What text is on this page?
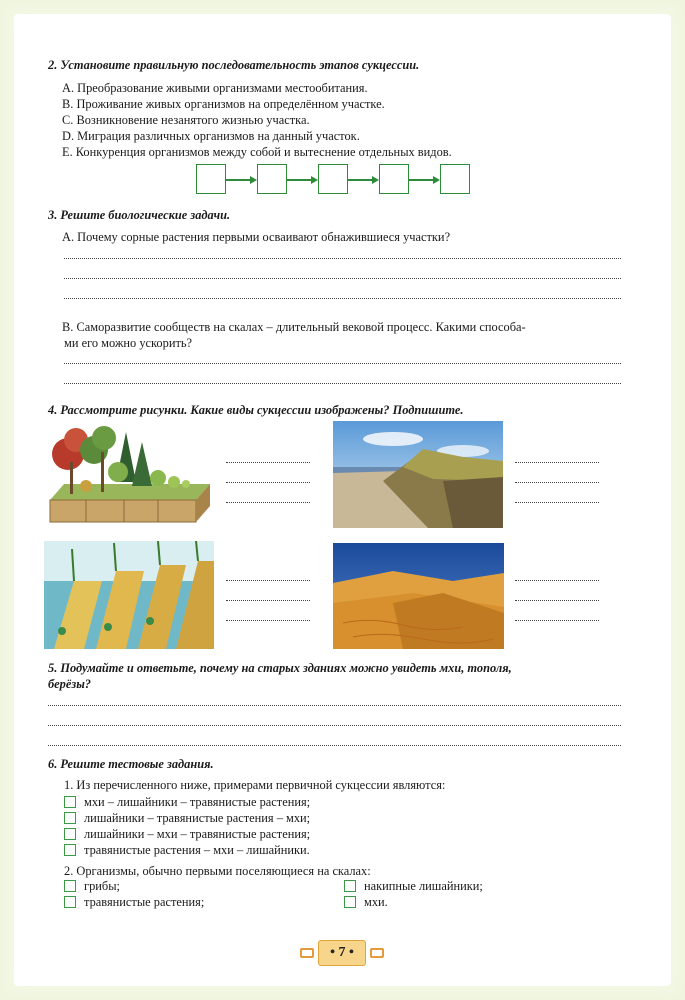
2. Установите правильную последовательность этапов сукцессии.
A. Преобразование живыми организмами местообитания.
B. Проживание живых организмов на определённом участке.
C. Возникновение незанятого жизнью участка.
D. Миграция различных организмов на данный участок.
E. Конкуренция организмов между собой и вытеснение отдельных видов.
3. Решите биологические задачи.
A. Почему сорные растения первыми осваивают обнажившиеся участки?
B. Саморазвитие сообществ на скалах – длительный вековой процесс. Какими способа-
ми его можно ускорить?
4. Рассмотрите рисунки. Какие виды сукцессии изображены? Подпишите.
5. Подумайте и ответьте, почему на старых зданиях можно увидеть мхи, тополя,
берёзы?
6. Решите тестовые задания.
1. Из перечисленного ниже, примерами первичной сукцессии являются:
мхи – лишайники – травянистые растения;
лишайники – травянистые растения – мхи;
лишайники – мхи – травянистые растения;
травянистые растения – мхи – лишайники.
2. Организмы, обычно первыми поселяющиеся на скалах:
грибы;
травянистые растения;
накипные лишайники;
мхи.
• 7 •
